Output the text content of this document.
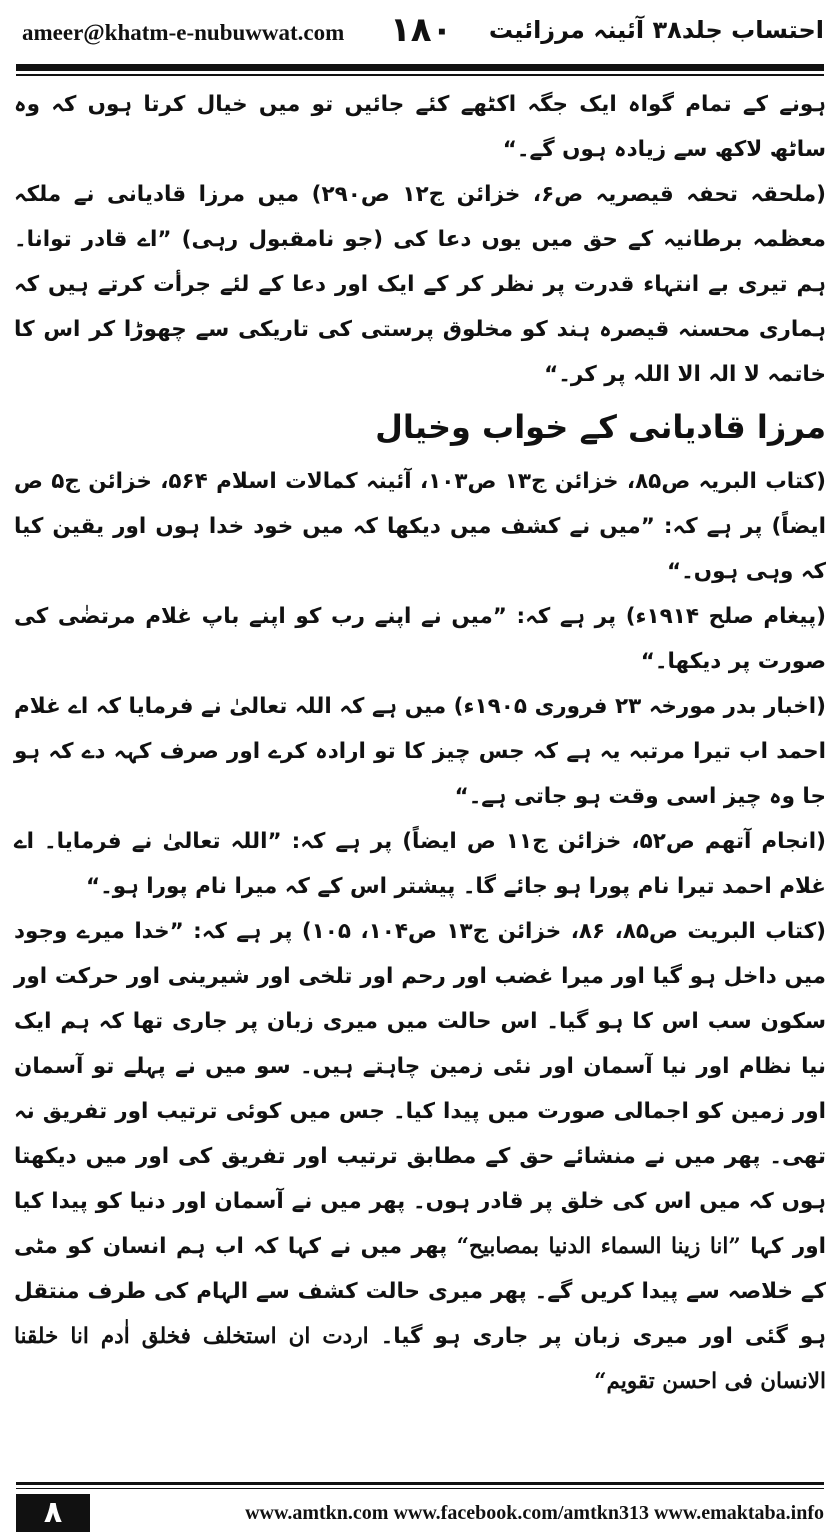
ameer@khatm-e-nubuwwat.com ١٨٠ احتساب جلد۳۸ آئینہ مرزائیت

ہونے کے تمام گواہ ایک جگہ اکٹھے کئے جائیں تو میں خیال کرتا ہوں کہ وہ ساٹھ لاکھ سے زیادہ ہوں گے۔“

(ملحقہ تحفہ قیصریہ ص۶، خزائن ج۱۲ ص۲۹۰) میں مرزا قادیانی نے ملکہ معظمہ برطانیہ کے حق میں یوں دعا کی (جو نامقبول رہی) ”اے قادر توانا۔ ہم تیری بے انتہاء قدرت پر نظر کر کے ایک اور دعا کے لئے جرأت کرتے ہیں کہ ہماری محسنہ قیصرہ ہند کو مخلوق پرستی کی تاریکی سے چھوڑا کر اس کا خاتمہ لا الہ الا اللہ پر کر۔“

مرزا قادیانی کے خواب وخیال

(کتاب البریہ ص۸۵، خزائن ج۱۳ ص۱۰۳، آئینہ کمالات اسلام ۵۶۴، خزائن ج۵ ص ایضاً) پر ہے کہ: ”میں نے کشف میں دیکھا کہ میں خود خدا ہوں اور یقین کیا کہ وہی ہوں۔“

(پیغام صلح ۱۹۱۴ء) پر ہے کہ: ”میں نے اپنے رب کو اپنے باپ غلام مرتضٰی کی صورت پر دیکھا۔“

(اخبار بدر مورخہ ۲۳ فروری ۱۹۰۵ء) میں ہے کہ اللہ تعالیٰ نے فرمایا کہ اے غلام احمد اب تیرا مرتبہ یہ ہے کہ جس چیز کا تو ارادہ کرے اور صرف کہہ دے کہ ہو جا وہ چیز اسی وقت ہو جاتی ہے۔“

(انجام آتھم ص۵۲، خزائن ج۱۱ ص ایضاً) پر ہے کہ: ”اللہ تعالیٰ نے فرمایا۔ اے غلام احمد تیرا نام پورا ہو جائے گا۔ پیشتر اس کے کہ میرا نام پورا ہو۔“

(کتاب البریت ص۸۵، ۸۶، خزائن ج۱۳ ص۱۰۴، ۱۰۵) پر ہے کہ: ”خدا میرے وجود میں داخل ہو گیا اور میرا غضب اور رحم اور تلخی اور شیرینی اور حرکت اور سکون سب اس کا ہو گیا۔ اس حالت میں میری زبان پر جاری تھا کہ ہم ایک نیا نظام اور نیا آسمان اور نئی زمین چاہتے ہیں۔ سو میں نے پہلے تو آسمان اور زمین کو اجمالی صورت میں پیدا کیا۔ جس میں کوئی ترتیب اور تفریق نہ تھی۔ پھر میں نے منشائے حق کے مطابق ترتیب اور تفریق کی اور میں دیکھتا ہوں کہ میں اس کی خلق پر قادر ہوں۔ پھر میں نے آسمان اور دنیا کو پیدا کیا اور کہا ”انا زینا السماء الدنیا بمصابیح“ پھر میں نے کہا کہ اب ہم انسان کو مٹی کے خلاصہ سے پیدا کریں گے۔ پھر میری حالت کشف سے الہام کی طرف منتقل ہو گئی اور میری زبان پر جاری ہو گیا۔ اردت ان استخلف فخلق اٰدم انا خلقنا الانسان فی احسن تقویم“

٨	www.amtkn.com www.facebook.com/amtkn313 www.emaktaba.info
